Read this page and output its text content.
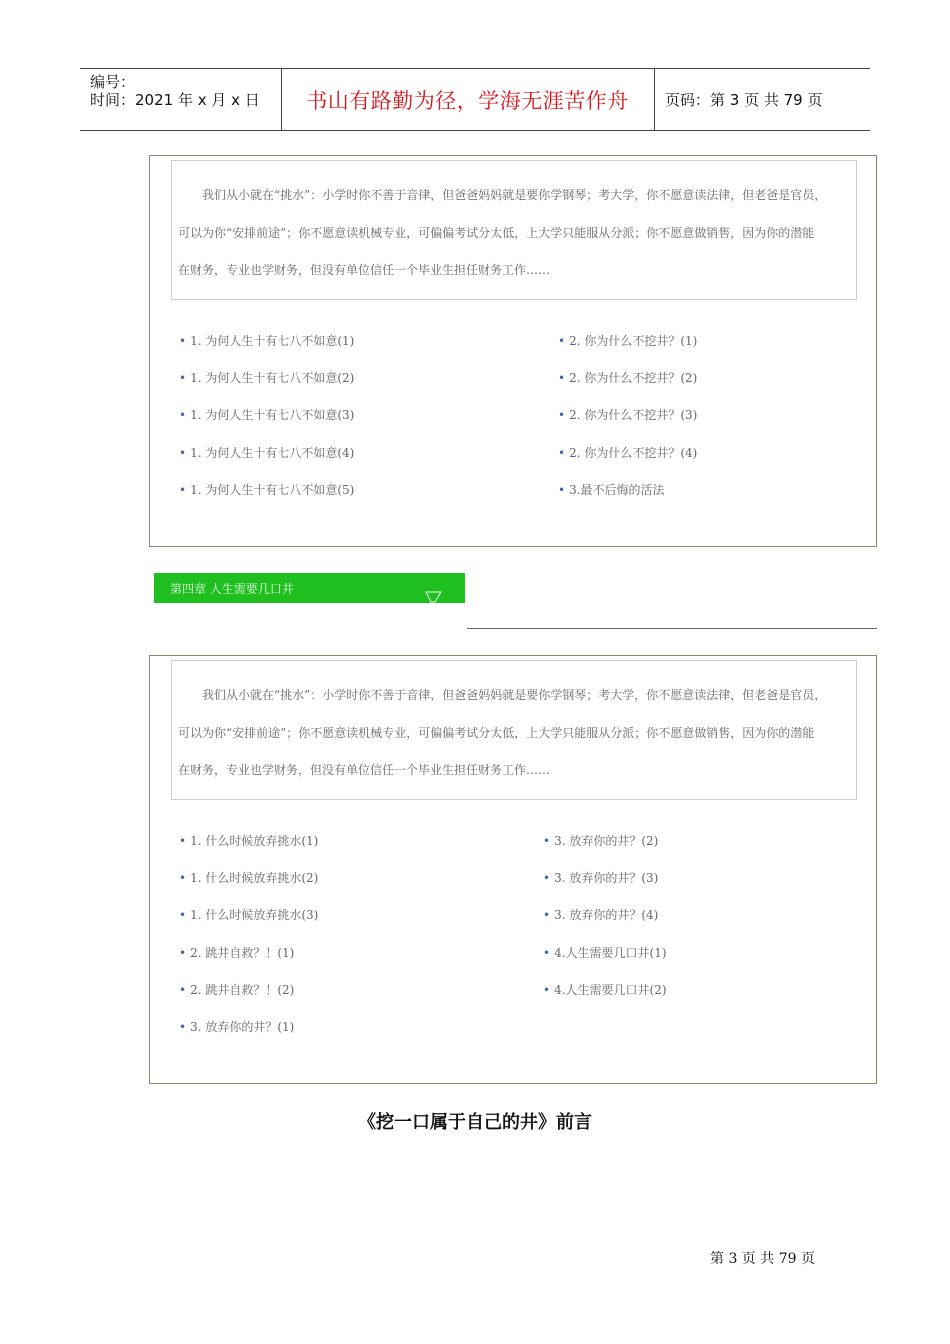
编号：
时间：2021 年 x 月 x 日 书山有路勤为径，学海无涯苦作舟 页码：第 3 页 共 79 页

我们从小就在“挑水”：小学时你不善于音律，但爸爸妈妈就是要你学钢琴；考大学，你不愿意读法律，但老爸是官员，
可以为你“安排前途”；你不愿意读机械专业，可偏偏考试分太低，上大学只能服从分派；你不愿意做销售，因为你的潜能
在财务，专业也学财务，但没有单位信任一个毕业生担任财务工作……

• 1. 为何人生十有七八不如意(1)
• 1. 为何人生十有七八不如意(2)
• 1. 为何人生十有七八不如意(3)
• 1. 为何人生十有七八不如意(4)
• 1. 为何人生十有七八不如意(5)
• 2. 你为什么不挖井？(1)
• 2. 你为什么不挖井？(2)
• 2. 你为什么不挖井？(3)
• 2. 你为什么不挖井？(4)
• 3.最不后悔的活法
第四章 人生需要几口井

我们从小就在“挑水”：小学时你不善于音律，但爸爸妈妈就是要你学钢琴；考大学，你不愿意读法律，但老爸是官员，
可以为你“安排前途”；你不愿意读机械专业，可偏偏考试分太低，上大学只能服从分派；你不愿意做销售，因为你的潜能
在财务，专业也学财务，但没有单位信任一个毕业生担任财务工作……

• 1. 什么时候放弃挑水(1)
• 1. 什么时候放弃挑水(2)
• 1. 什么时候放弃挑水(3)
• 2. 跳井自救？！(1)
• 2. 跳井自救？！(2)
• 3. 放弃你的井？(1)
• 3. 放弃你的井？(2)
• 3. 放弃你的井？(3)
• 3. 放弃你的井？(4)
• 4.人生需要几口井(1)
• 4.人生需要几口井(2)
《挖一口属于自己的井》前言
第 3 页 共 79 页
